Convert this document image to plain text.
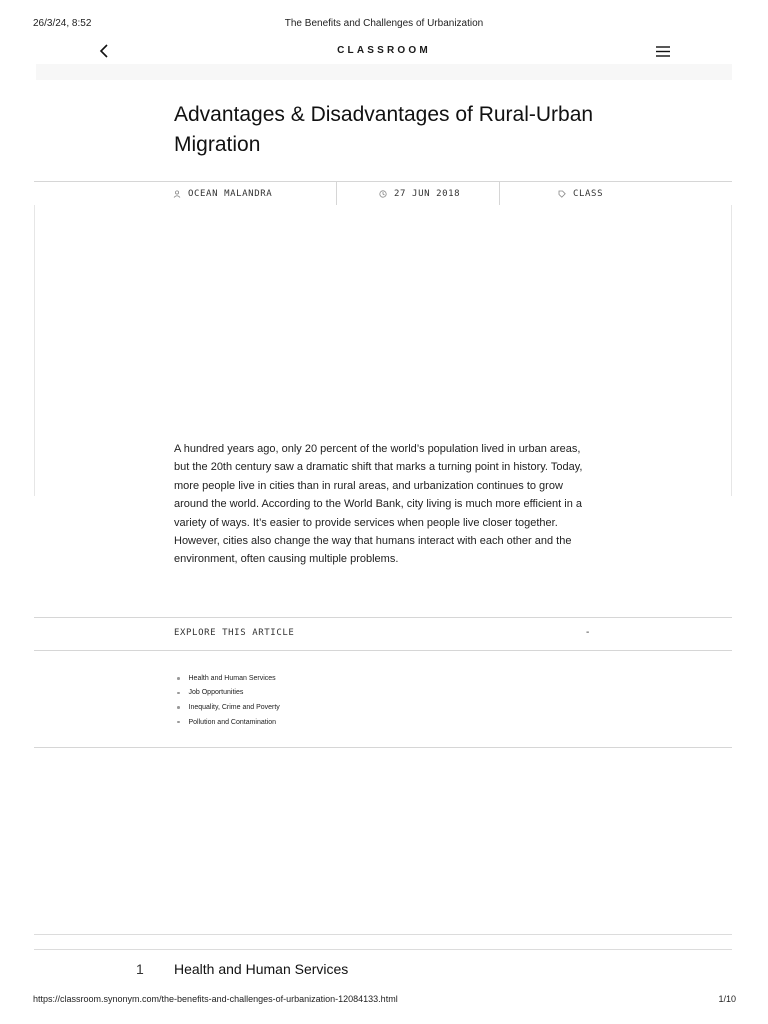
26/3/24, 8:52	The Benefits and Challenges of Urbanization
CLASSROOM
Advantages & Disadvantages of Rural-Urban Migration
OCEAN MALANDRA	27 JUN 2018	CLASS

A hundred years ago, only 20 percent of the world’s population lived in urban areas, but the 20th century saw a dramatic shift that marks a turning point in history. Today, more people live in cities than in rural areas, and urbanization continues to grow around the world. According to the World Bank, city living is much more efficient in a variety of ways. It’s easier to provide services when people live closer together. However, cities also change the way that humans interact with each other and the environment, often causing multiple problems.

EXPLORE THIS ARTICLE	-
Health and Human Services
Job Opportunities
Inequality, Crime and Poverty
Pollution and Contamination
1 Health and Human Services
https://classroom.synonym.com/the-benefits-and-challenges-of-urbanization-12084133.html	1/10
